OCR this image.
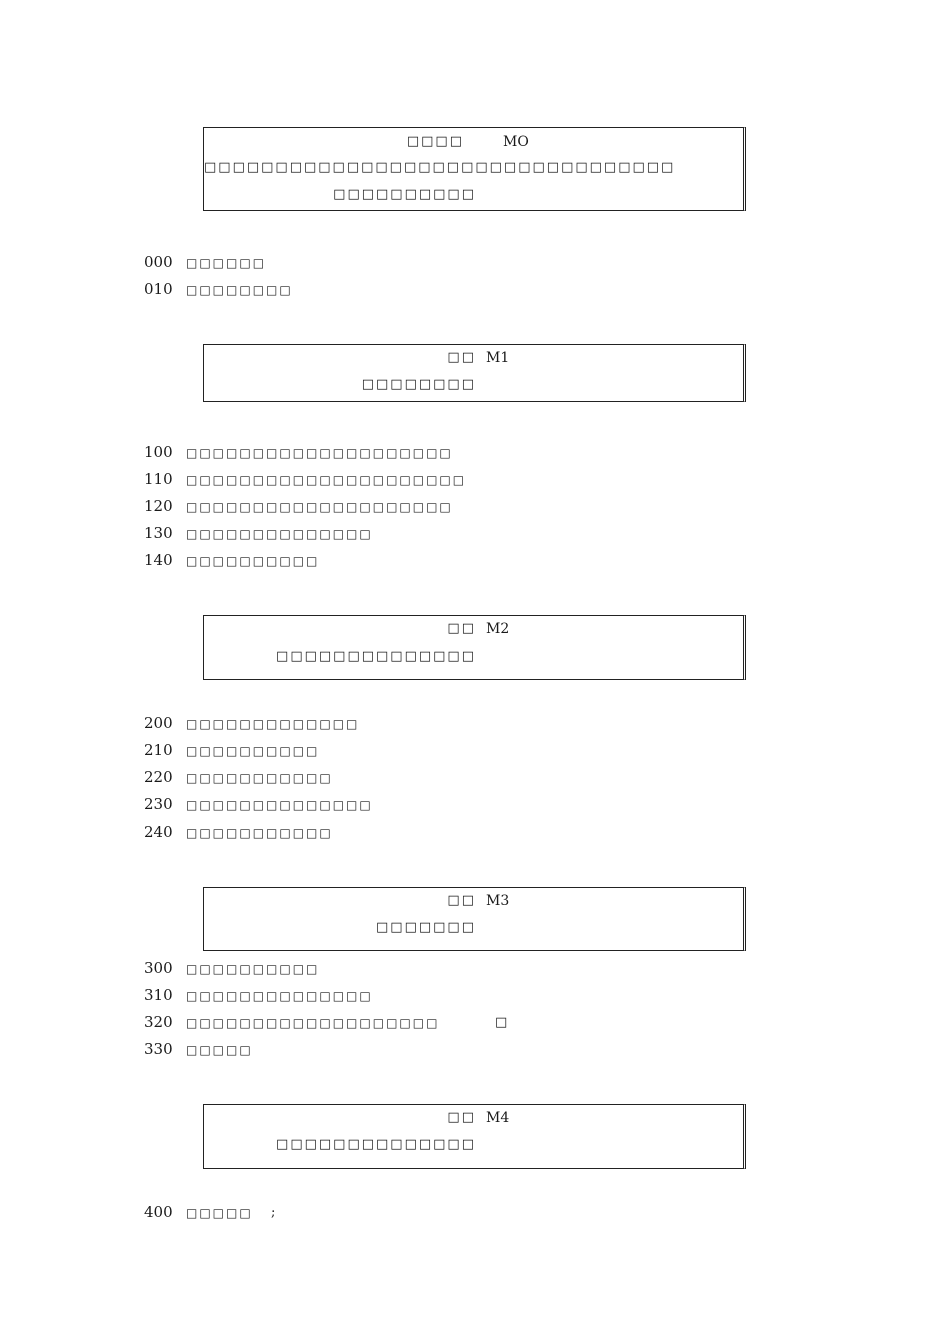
□□□□	MO
□□□□□□□□□□□□□□□□□□□□□□□□□□□□□□□□□
□□□□□□□□□□
000 □□□□□□
010 □□□□□□□□
□□ M1
□□□□□□□□
100 □□□□□□□□□□□□□□□□□□□□
110 □□□□□□□□□□□□□□□□□□□□□
120 □□□□□□□□□□□□□□□□□□□□
130 □□□□□□□□□□□□□□
140 □□□□□□□□□□
□□ M2
□□□□□□□□□□□□□□
200 □□□□□□□□□□□□□
210 □□□□□□□□□□
220 □□□□□□□□□□□
230 □□□□□□□□□□□□□□
240 □□□□□□□□□□□
□□ M3
□□□□□□□
300 □□□□□□□□□□
310 □□□□□□□□□□□□□□
320 □□□□□□□□□□□□□□□□□□□	□
330 □□□□□
□□ M4
□□□□□□□□□□□□□□
400 □□□□□ ;
